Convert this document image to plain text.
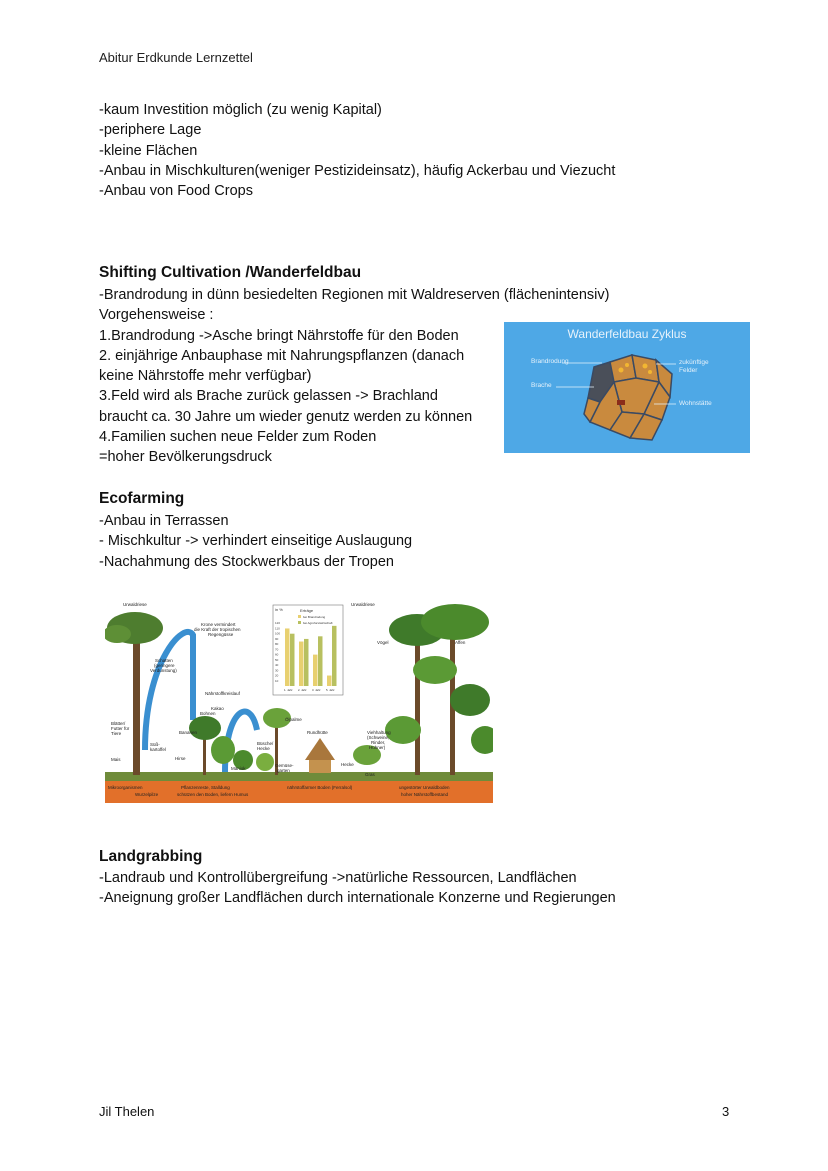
Abitur Erdkunde Lernzettel
-kaum Investition möglich (zu wenig Kapital)
-periphere Lage
-kleine Flächen
-Anbau in Mischkulturen(weniger Pestizideinsatz), häufig Ackerbau und Viezucht
-Anbau von Food Crops
Shifting Cultivation /Wanderfeldbau
-Brandrodung in dünn besiedelten Regionen mit Waldreserven (flächenintensiv)
Vorgehensweise :
1.Brandrodung ->Asche bringt Nährstoffe für den Boden
2. einjährige Anbauphase mit Nahrungspflanzen (danach
keine Nährstoffe mehr verfügbar)
3.Feld wird als Brache zurück gelassen -> Brachland
braucht ca. 30 Jahre um wieder genutz werden zu können
4.Familien suchen neue Felder zum Roden
=hoher Bevölkerungsdruck
Wanderfeldbau Zyklus
Brandrodung
Brache
zukünftige
Felder
Wohnstätte
Ecofarming
-Anbau in Terrassen
- Mischkultur -> verhindert einseitige Auslaugung
-Nachahmung des Stockwerkbaus der Tropen
in %	Erträge
bei Brandrodung
bei Agroforstwirtschaft
10
20
30
40
50
60
70
80
90
100
110
120
1. Jahr 2. Jahr 3. Jahr 5. Jahr
Urwaldriese
Krone vermindert
die Kraft der tropischen
Regengüsse
Schatten
(geringere
Verdunstung)
Nährstoffkreislauf
Kakao
Bohnen
Bananen
Ölpalme
Rundhütte
Blätter/
Futter für
Tiere
Süß-
kartoffel
Mais	Hirse
Maniok
Büsche/
Hecke
Gemüse-
garten
Hecke
Gras
Urwaldriese
Vögel	Affen
Viehhaltung
(Schweine,
Rinder,
Hühner)
Mikroorganismen
Wurzelpilze
Pflanzenreste, Stalldung
schützen den Boden, liefern Humus
nährstoffarmer Boden (Ferralsol)	ungestörter Urwaldboden
hoher Nährstoffbestand
Landgrabbing
-Landraub und Kontrollübergreifung ->natürliche Ressourcen, Landflächen
-Aneignung großer Landflächen durch internationale Konzerne und Regierungen
Jil Thelen	3
